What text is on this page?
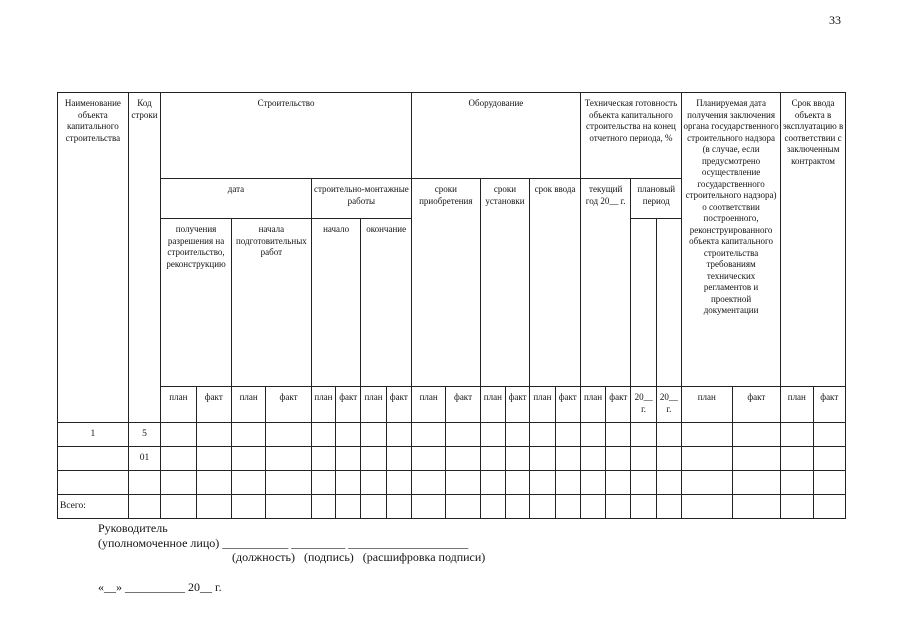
33
Наименование объекта капитального строительства	Код строки	Строительство								Оборудование						Техническая готовность объекта капитального строительства на конец отчетного периода, %				Планируемая дата получения заключения органа государственного строительного надзора (в случае, если предусмотрено осуществление государственного строительного надзора) о соответствии построенного, реконструированного объекта капитального строительства требованиям технических регламентов и проектной документации		Срок ввода объекта в эксплуатацию в соответствии с заключенным контрактом	
		дата				строительно-монтажные работы				сроки приобретения		сроки установки		срок ввода		текущий год 20__ г.		плановый период					
		получения разрешения на строительство, реконструкцию		начала подготовительных работ		начало		окончание															
		план	факт	план	факт	план	факт	план	факт	план	факт	план	факт	план	факт	план	факт	20__ г.	20__ г.	план	факт	план	факт
1	5																						
	01																						

Всего:																							
Руководитель
(уполномоченное лицо) ___________ _________ ____________________
(должность)   (подпись)   (расшифровка подписи)
«__» __________ 20__ г.
